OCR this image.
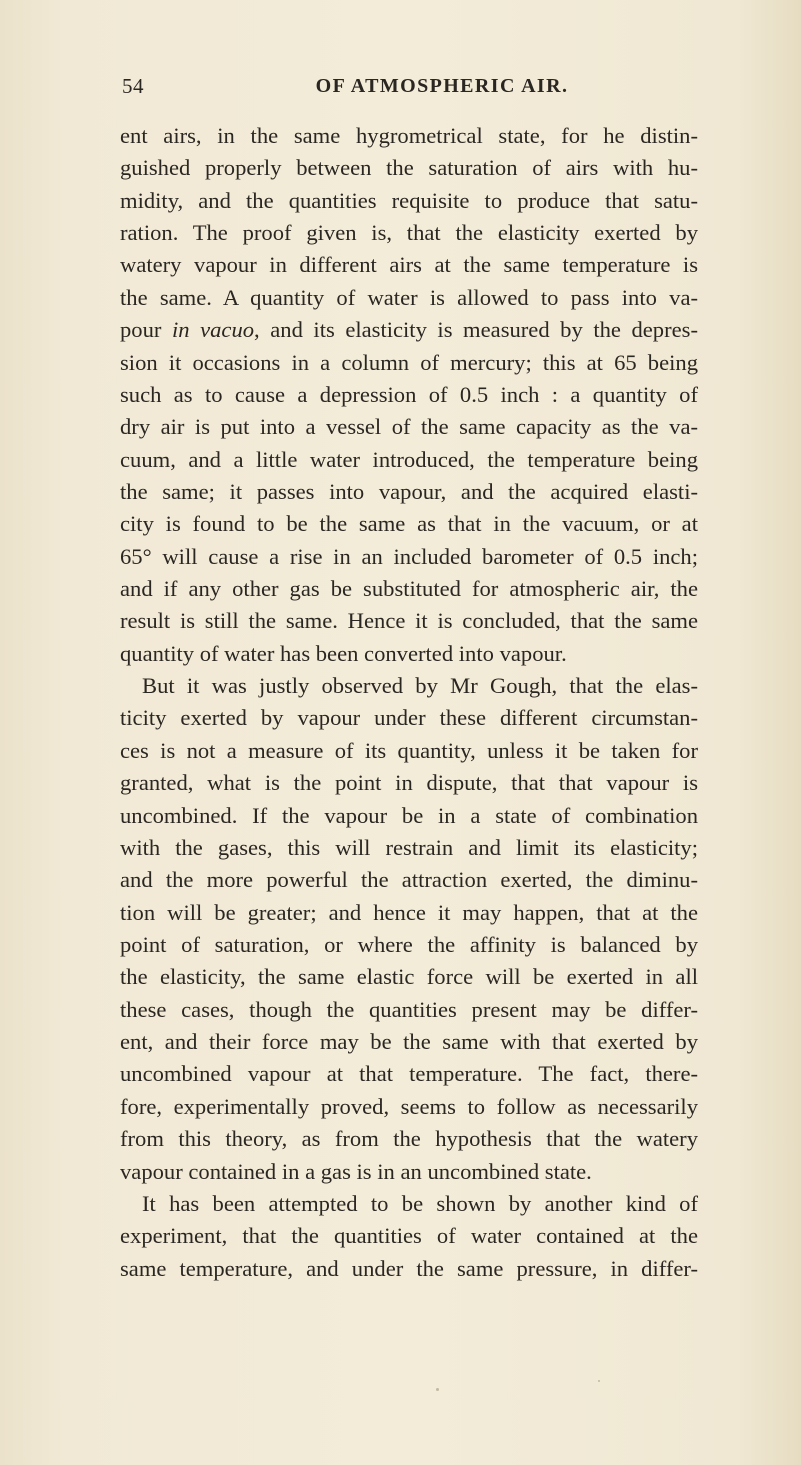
54	OF ATMOSPHERIC AIR.
ent airs, in the same hygrometrical state, for he distin-
guished properly between the saturation of airs with hu-
midity, and the quantities requisite to produce that satu-
ration. The proof given is, that the elasticity exerted by
watery vapour in different airs at the same temperature is
the same. A quantity of water is allowed to pass into va-
pour in vacuo, and its elasticity is measured by the depres-
sion it occasions in a column of mercury; this at 65 being
such as to cause a depression of 0.5 inch : a quantity of
dry air is put into a vessel of the same capacity as the va-
cuum, and a little water introduced, the temperature being
the same; it passes into vapour, and the acquired elasti-
city is found to be the same as that in the vacuum, or at
65° will cause a rise in an included barometer of 0.5 inch;
and if any other gas be substituted for atmospheric air, the
result is still the same. Hence it is concluded, that the same
quantity of water has been converted into vapour.
But it was justly observed by Mr Gough, that the elas-
ticity exerted by vapour under these different circumstan-
ces is not a measure of its quantity, unless it be taken for
granted, what is the point in dispute, that that vapour is
uncombined. If the vapour be in a state of combination
with the gases, this will restrain and limit its elasticity;
and the more powerful the attraction exerted, the diminu-
tion will be greater; and hence it may happen, that at the
point of saturation, or where the affinity is balanced by
the elasticity, the same elastic force will be exerted in all
these cases, though the quantities present may be differ-
ent, and their force may be the same with that exerted by
uncombined vapour at that temperature. The fact, there-
fore, experimentally proved, seems to follow as necessarily
from this theory, as from the hypothesis that the watery
vapour contained in a gas is in an uncombined state.
It has been attempted to be shown by another kind of
experiment, that the quantities of water contained at the
same temperature, and under the same pressure, in differ-
